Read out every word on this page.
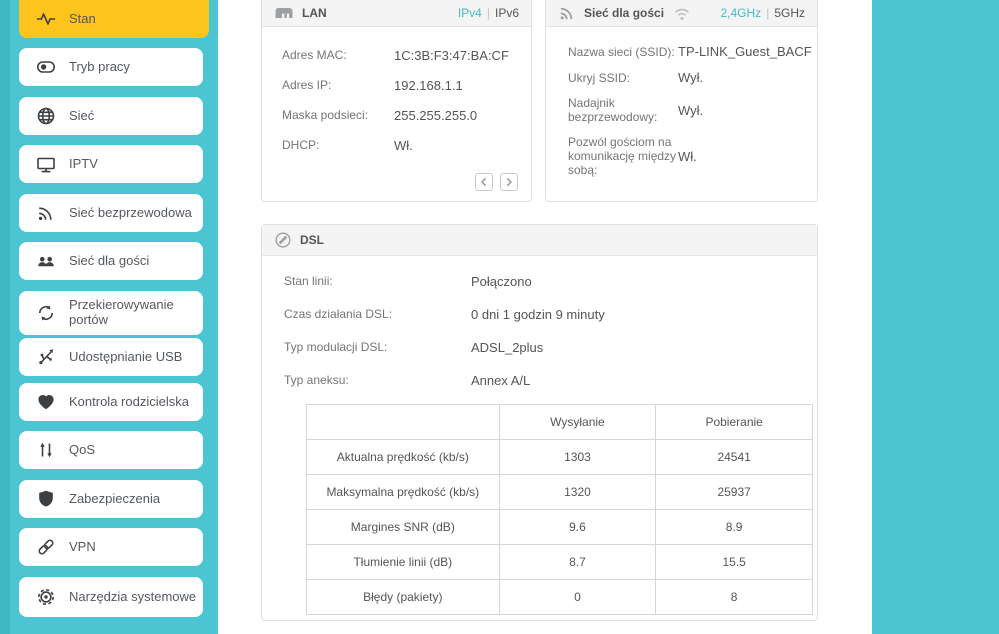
Stan
Tryb pracy
Sieć
IPTV
Sieć bezprzewodowa
Sieć dla gości
Przekierowywanie portów
Udostępnianie USB
Kontrola rodzicielska
QoS
Zabezpieczenia
VPN
Narzędzia systemowe
LAN	IPv4 | IPv6
Adres MAC:	1C:3B:F3:47:BA:CF
Adres IP:	192.168.1.1
Maska podsieci:	255.255.255.0
DHCP:	Wł.
Sieć dla gości	2,4GHz | 5GHz
Nazwa sieci (SSID): TP-LINK_Guest_BACF
Ukryj SSID:	Wył.
Nadajnik bezprzewodowy:	Wył.
Pozwól gościom na komunikację między sobą:
Wł.
DSL
Stan linii:	Połączono
Czas działania DSL:	0 dni 1 godzin 9 minuty
Typ modulacji DSL:	ADSL_2plus
Typ aneksu:	Annex A/L
	Wysyłanie	Pobieranie
Aktualna prędkość (kb/s)	1303	24541
Maksymalna prędkość (kb/s)	1320	25937
Margines SNR (dB)	9.6	8.9
Tłumienie linii (dB)	8.7	15.5
Błędy (pakiety)	0	8
